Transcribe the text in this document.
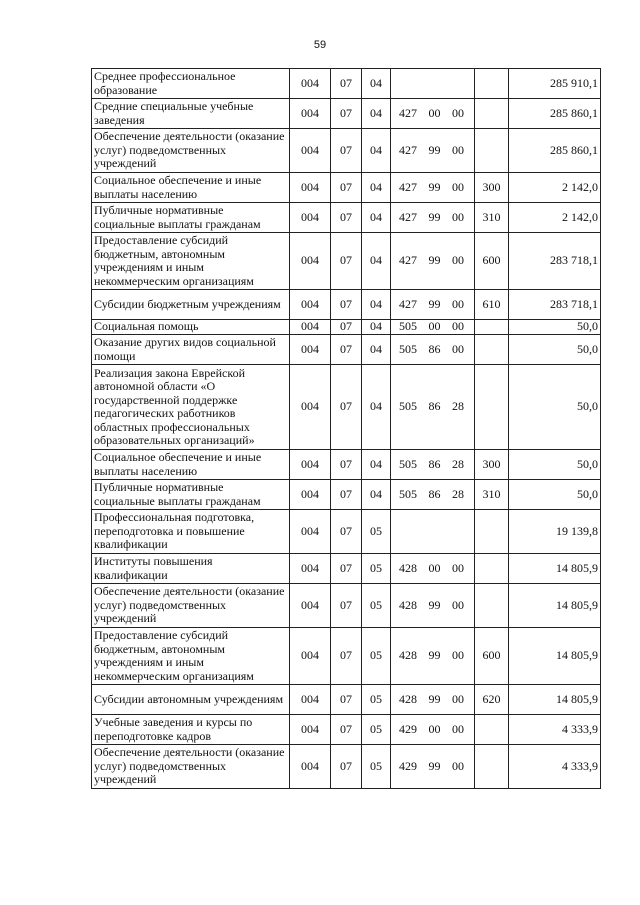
59
Среднее профессиональное образование	004	07	04			285 910,1
Средние специальные учебные заведения	004	07	04	427 00 00		285 860,1
Обеспечение деятельности (оказание услуг) подведомственных учреждений	004	07	04	427 99 00		285 860,1
Социальное обеспечение и иные выплаты населению	004	07	04	427 99 00	300	2 142,0
Публичные нормативные социальные выплаты гражданам	004	07	04	427 99 00	310	2 142,0
Предоставление субсидий бюджетным, автономным учреждениям и иным некоммерческим организациям	004	07	04	427 99 00	600	283 718,1
Субсидии бюджетным учреждениям	004	07	04	427 99 00	610	283 718,1
Социальная помощь	004	07	04	505 00 00		50,0
Оказание других видов социальной помощи	004	07	04	505 86 00		50,0
Реализация закона Еврейской автономной области «О государственной поддержке педагогических работников областных профессиональных образовательных организаций»	004	07	04	505 86 28		50,0
Социальное обеспечение и иные выплаты населению	004	07	04	505 86 28	300	50,0
Публичные нормативные социальные выплаты гражданам	004	07	04	505 86 28	310	50,0
Профессиональная подготовка, переподготовка и повышение квалификации	004	07	05			19 139,8
Институты повышения квалификации	004	07	05	428 00 00		14 805,9
Обеспечение деятельности (оказание услуг) подведомственных учреждений	004	07	05	428 99 00		14 805,9
Предоставление субсидий бюджетным, автономным учреждениям и иным некоммерческим организациям	004	07	05	428 99 00	600	14 805,9
Субсидии автономным учреждениям	004	07	05	428 99 00	620	14 805,9
Учебные заведения и курсы по переподготовке кадров	004	07	05	429 00 00		4 333,9
Обеспечение деятельности (оказание услуг) подведомственных учреждений	004	07	05	429 99 00		4 333,9
